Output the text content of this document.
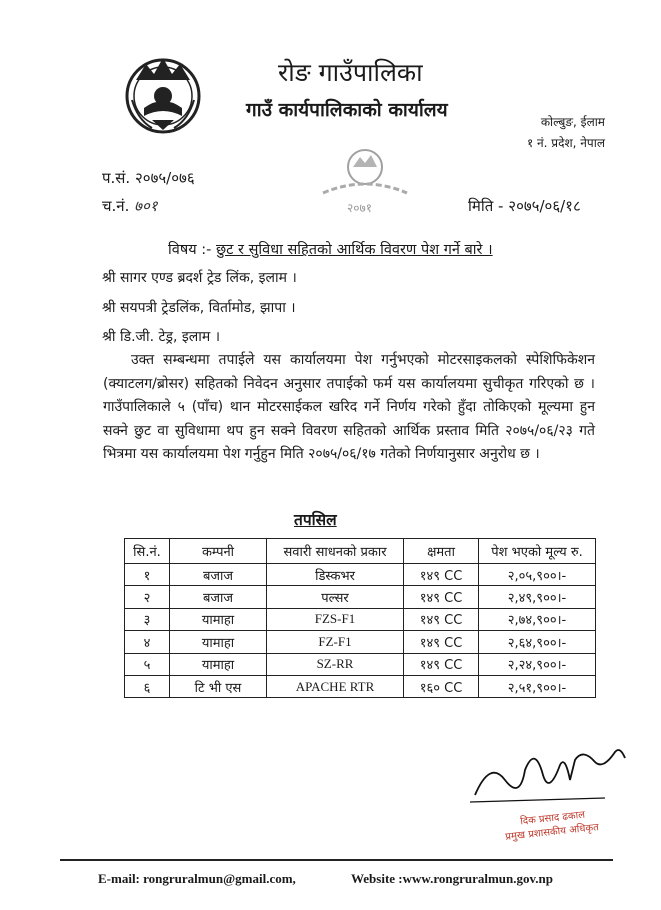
रोङ गाउँपालिका
गाउँ कार्यपालिकाको कार्यालय
कोल्बुङ, ईलाम
१ नं. प्रदेश, नेपाल
२०७१
प.सं. २०७५/०७६
च.नं. ७०१	मिति - २०७५/०६/१८
विषय :- छुट र सुविधा सहितको आर्थिक विवरण पेश गर्ने बारे ।
श्री सागर एण्ड ब्रदर्श ट्रेड लिंक, इलाम ।
श्री सयपत्री ट्रेडलिंक, विर्तामोड, झापा ।
श्री डि.जी. टेड्र, इलाम ।
उक्त सम्बन्धमा तपाईले यस कार्यालयमा पेश गर्नुभएको मोटरसाइकलको स्पेशिफिकेशन (क्याटलग/ब्रोसर) सहितको निवेदन अनुसार तपाईको फर्म यस कार्यालयमा सुचीकृत गरिएको छ । गाउँपालिकाले ५ (पाँच) थान मोटरसाईकल खरिद गर्ने निर्णय गरेको हुँदा तोकिएको मूल्यमा हुन सक्ने छुट वा सुविधामा थप हुन सक्ने विवरण सहितको आर्थिक प्रस्ताव मिति २०७५/०६/२३ गते भित्रमा यस कार्यालयमा पेश गर्नुहुन मिति २०७५/०६/१७ गतेको निर्णयानुसार अनुरोध छ ।
तपसिल
सि.नं.	कम्पनी	सवारी साधनको प्रकार	क्षमता	पेश भएको मूल्य रु.
१	बजाज	डिस्कभर	१४९ CC	२,०५,९००।-
२	बजाज	पल्सर	१४९ CC	२,४९,९००।-
३	यामाहा	FZS-F1	१४९ CC	२,७४,९००।-
४	यामाहा	FZ-F1	१४९ CC	२,६४,९००।-
५	यामाहा	SZ-RR	१४९ CC	२,२४,९००।-
६	टि भी एस	APACHE RTR	१६० CC	२,५१,९००।-
दिक प्रसाद ढकाल
प्रमुख प्रशासकीय अधिकृत
E-mail: rongruralmun@gmail.com,	Website :www.rongruralmun.gov.np
